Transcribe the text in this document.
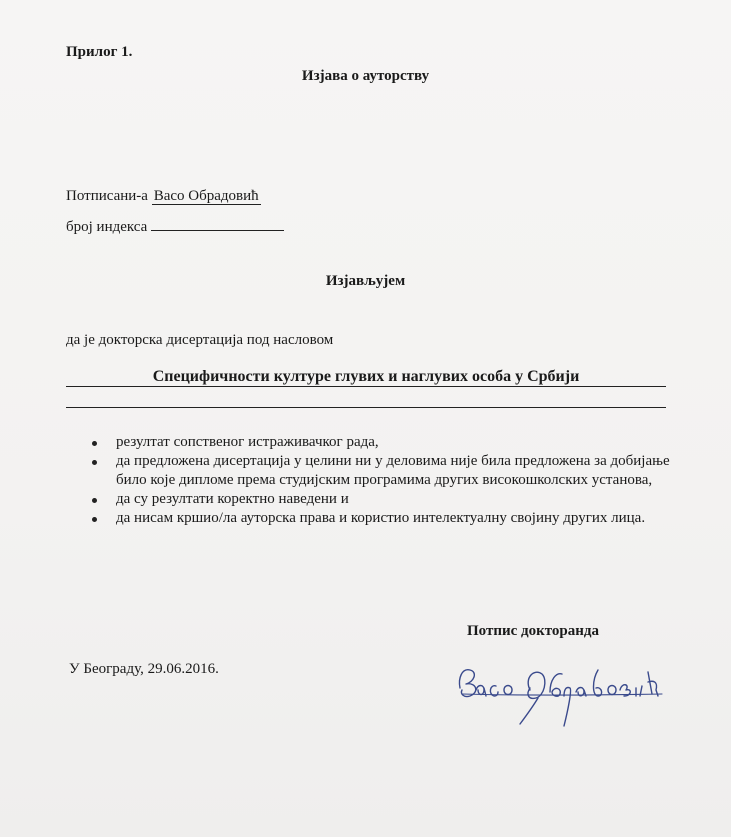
Прилог 1.
Изјава о ауторству
Потписани-а Васо Обрадовић
број индекса
Изјављујем
да је докторска дисертација под насловом
Специфичности културе глувих и наглувих особа у Србији
резултат сопственог истраживачког рада,
да предложена дисертација у целини ни у деловима није била предложена за добијање било које дипломе према студијским програмима других високошколских установа,
да су резултати коректно наведени и
да нисам кршио/ла ауторска права и користио интелектуалну својину других лица.
Потпис докторанда
У Београду, 29.06.2016.
